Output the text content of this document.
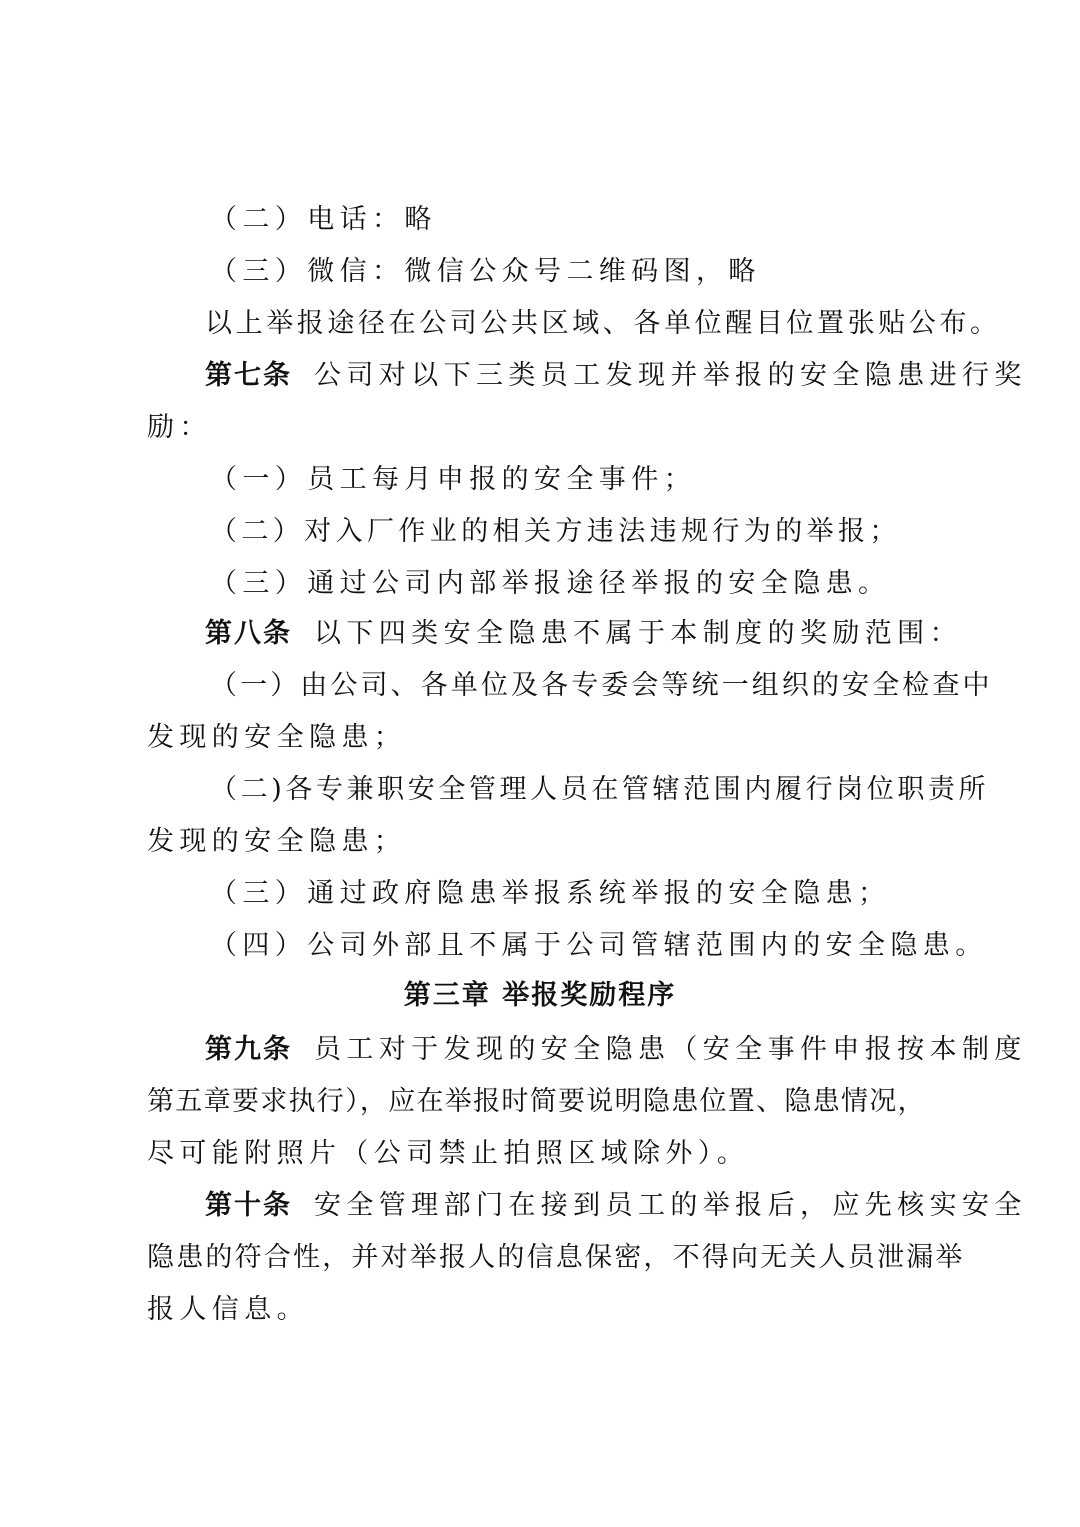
（二）电话：略
（三）微信：微信公众号二维码图，略
以上举报途径在公司公共区域、各单位醒目位置张贴公布。
第七条 公司对以下三类员工发现并举报的安全隐患进行奖
励：
（一）员工每月申报的安全事件；
（二）对入厂作业的相关方违法违规行为的举报；
（三）通过公司内部举报途径举报的安全隐患。
第八条 以下四类安全隐患不属于本制度的奖励范围：
（一）由公司、各单位及各专委会等统一组织的安全检查中
发现的安全隐患；
（二)各专兼职安全管理人员在管辖范围内履行岗位职责所
发现的安全隐患；
（三）通过政府隐患举报系统举报的安全隐患；
（四）公司外部且不属于公司管辖范围内的安全隐患。
第三章 举报奖励程序
第九条 员工对于发现的安全隐患（安全事件申报按本制度
第五章要求执行），应在举报时简要说明隐患位置、隐患情况，
尽可能附照片（公司禁止拍照区域除外）。
第十条 安全管理部门在接到员工的举报后，应先核实安全
隐患的符合性，并对举报人的信息保密，不得向无关人员泄漏举
报人信息。
